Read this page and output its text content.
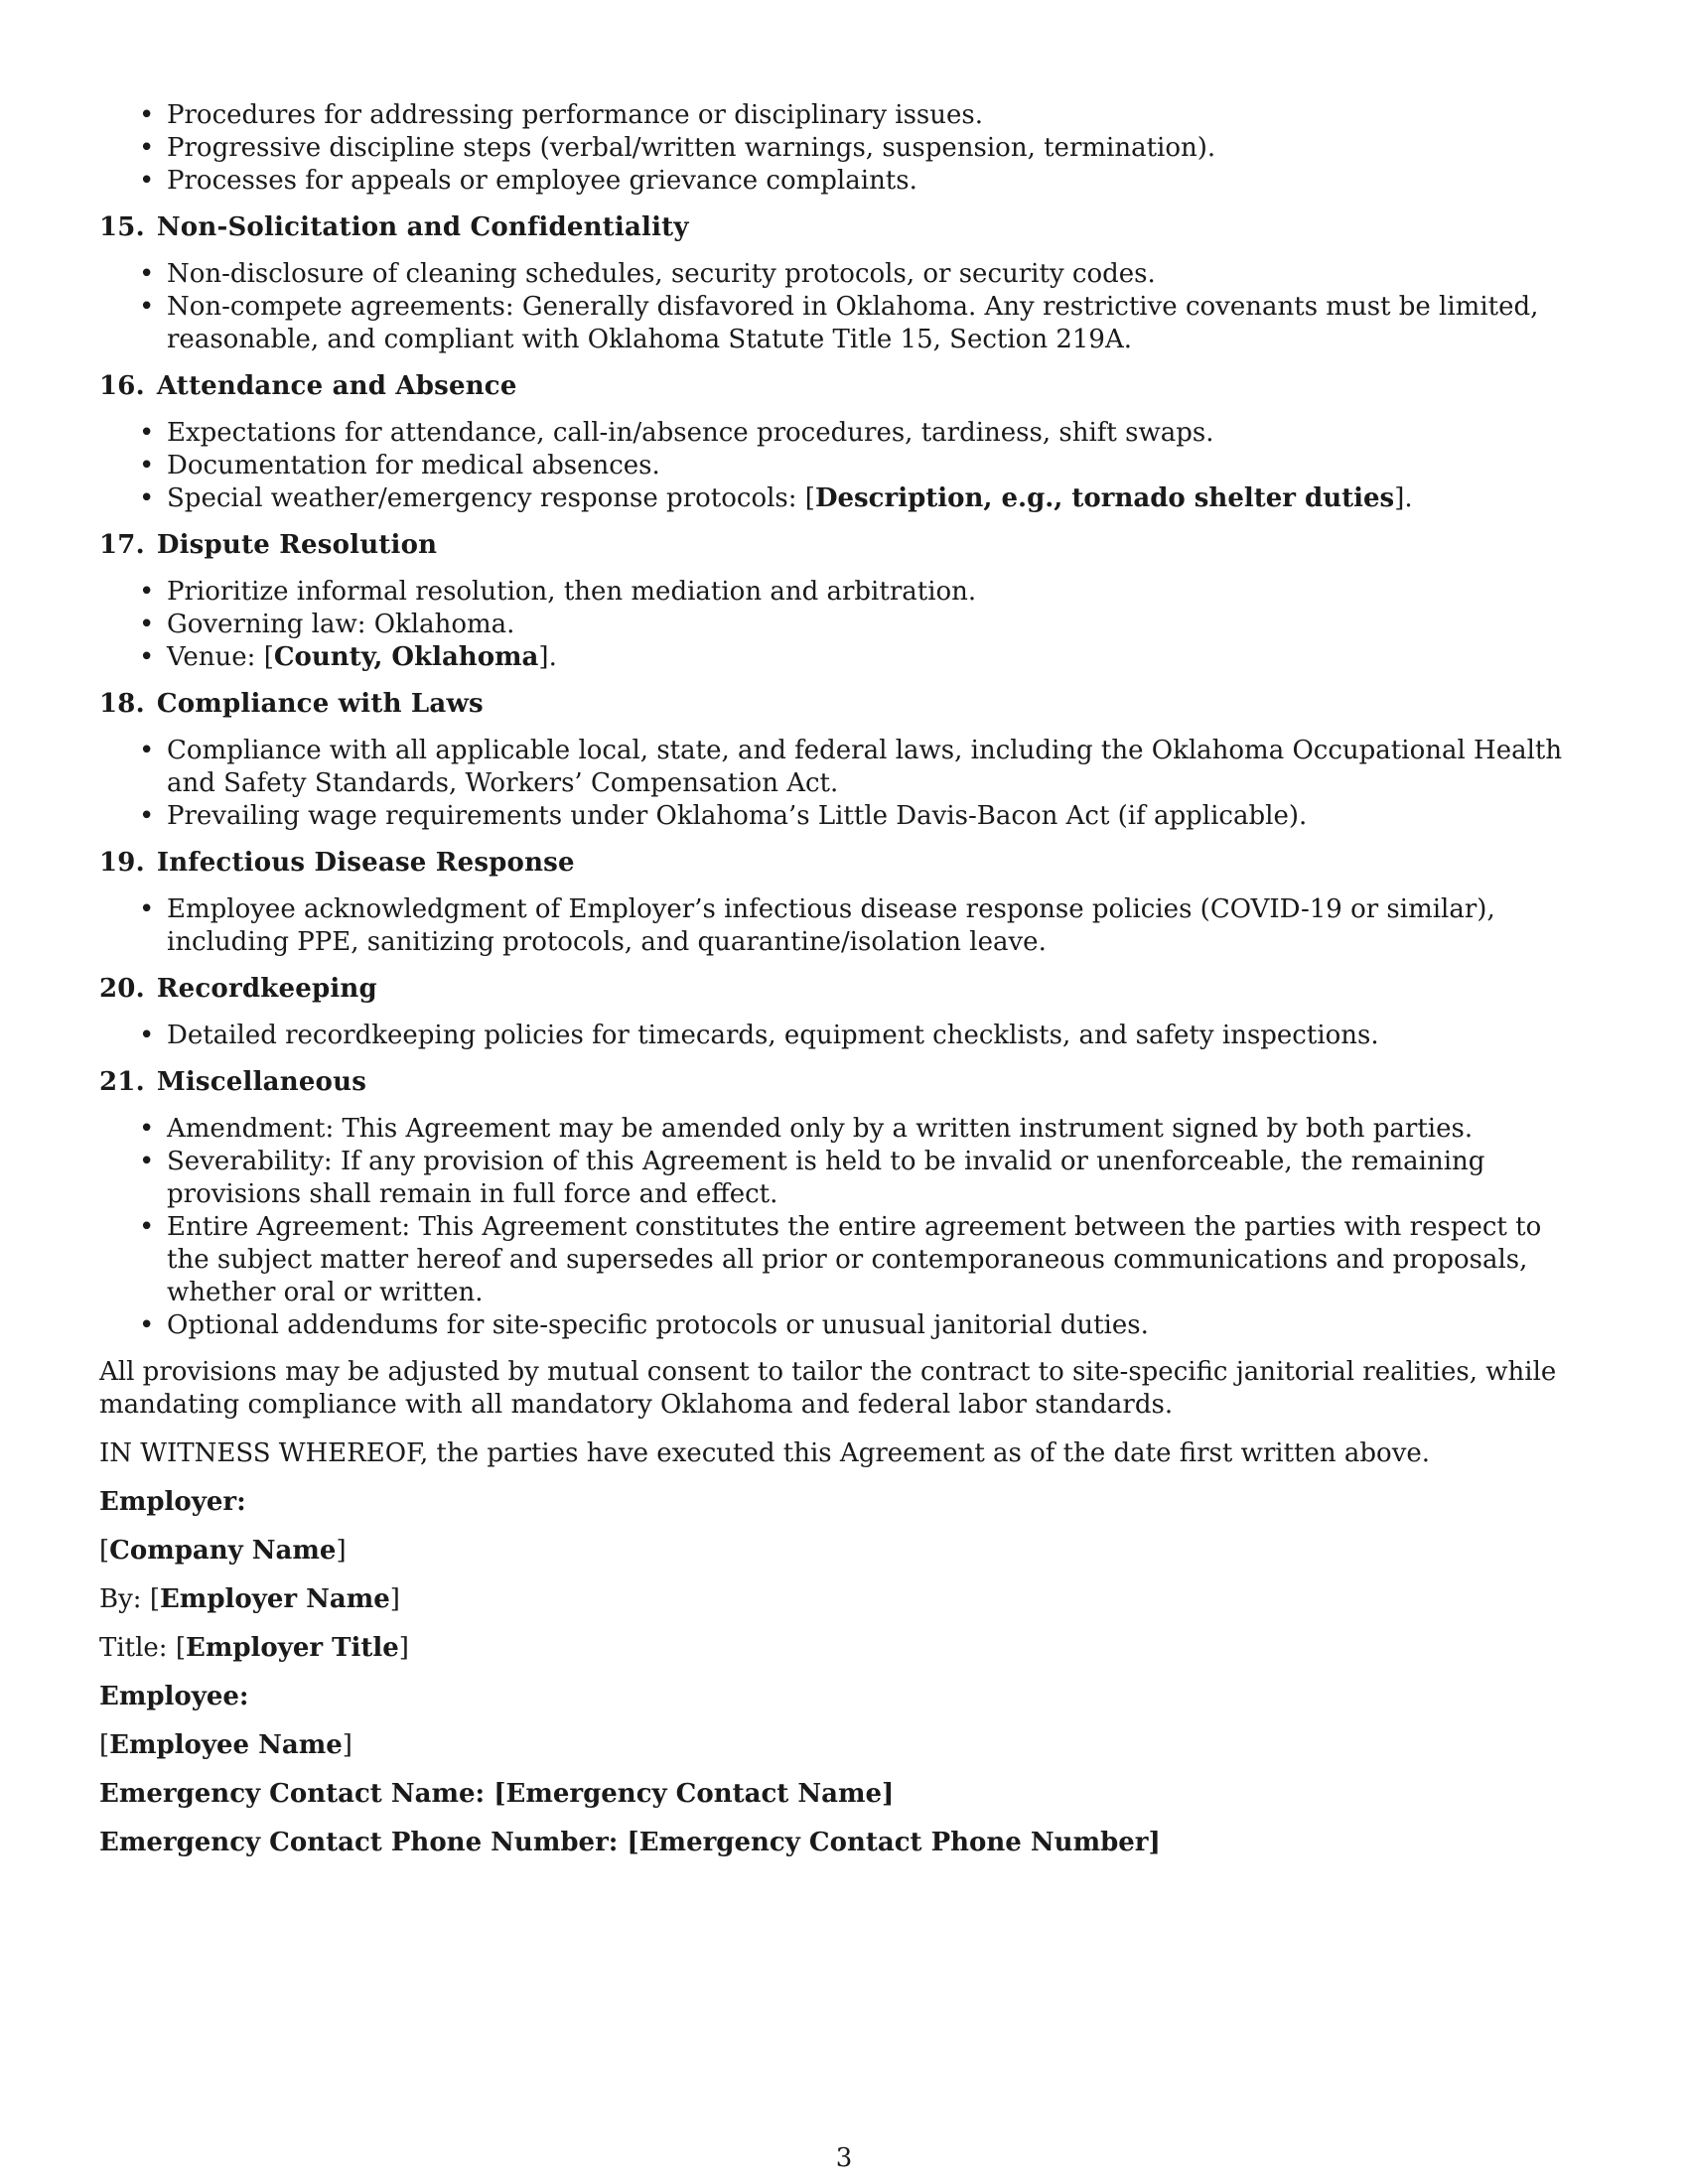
• Procedures for addressing performance or disciplinary issues.
• Progressive discipline steps (verbal/written warnings, suspension, termination).
• Processes for appeals or employee grievance complaints.
15. Non-Solicitation and Confidentiality
• Non-disclosure of cleaning schedules, security protocols, or security codes.
• Non-compete agreements: Generally disfavored in Oklahoma. Any restrictive covenants must be limited, reasonable, and compliant with Oklahoma Statute Title 15, Section 219A.
16. Attendance and Absence
• Expectations for attendance, call-in/absence procedures, tardiness, shift swaps.
• Documentation for medical absences.
• Special weather/emergency response protocols: [Description, e.g., tornado shelter duties].
17. Dispute Resolution
• Prioritize informal resolution, then mediation and arbitration.
• Governing law: Oklahoma.
• Venue: [County, Oklahoma].
18. Compliance with Laws
• Compliance with all applicable local, state, and federal laws, including the Oklahoma Occupational Health and Safety Standards, Workers’ Compensation Act.
• Prevailing wage requirements under Oklahoma’s Little Davis-Bacon Act (if applicable).
19. Infectious Disease Response
• Employee acknowledgment of Employer’s infectious disease response policies (COVID-19 or similar), including PPE, sanitizing protocols, and quarantine/isolation leave.
20. Recordkeeping
• Detailed recordkeeping policies for timecards, equipment checklists, and safety inspections.
21. Miscellaneous
• Amendment: This Agreement may be amended only by a written instrument signed by both parties.
• Severability: If any provision of this Agreement is held to be invalid or unenforceable, the remaining provisions shall remain in full force and effect.
• Entire Agreement: This Agreement constitutes the entire agreement between the parties with respect to the subject matter hereof and supersedes all prior or contemporaneous communications and proposals, whether oral or written.
• Optional addendums for site-specific protocols or unusual janitorial duties.

All provisions may be adjusted by mutual consent to tailor the contract to site-specific janitorial realities, while mandating compliance with all mandatory Oklahoma and federal labor standards.

IN WITNESS WHEREOF, the parties have executed this Agreement as of the date first written above.

Employer:
[Company Name]
By: [Employer Name]
Title: [Employer Title]
Employee:
[Employee Name]
Emergency Contact Name: [Emergency Contact Name]
Emergency Contact Phone Number: [Emergency Contact Phone Number]
3
